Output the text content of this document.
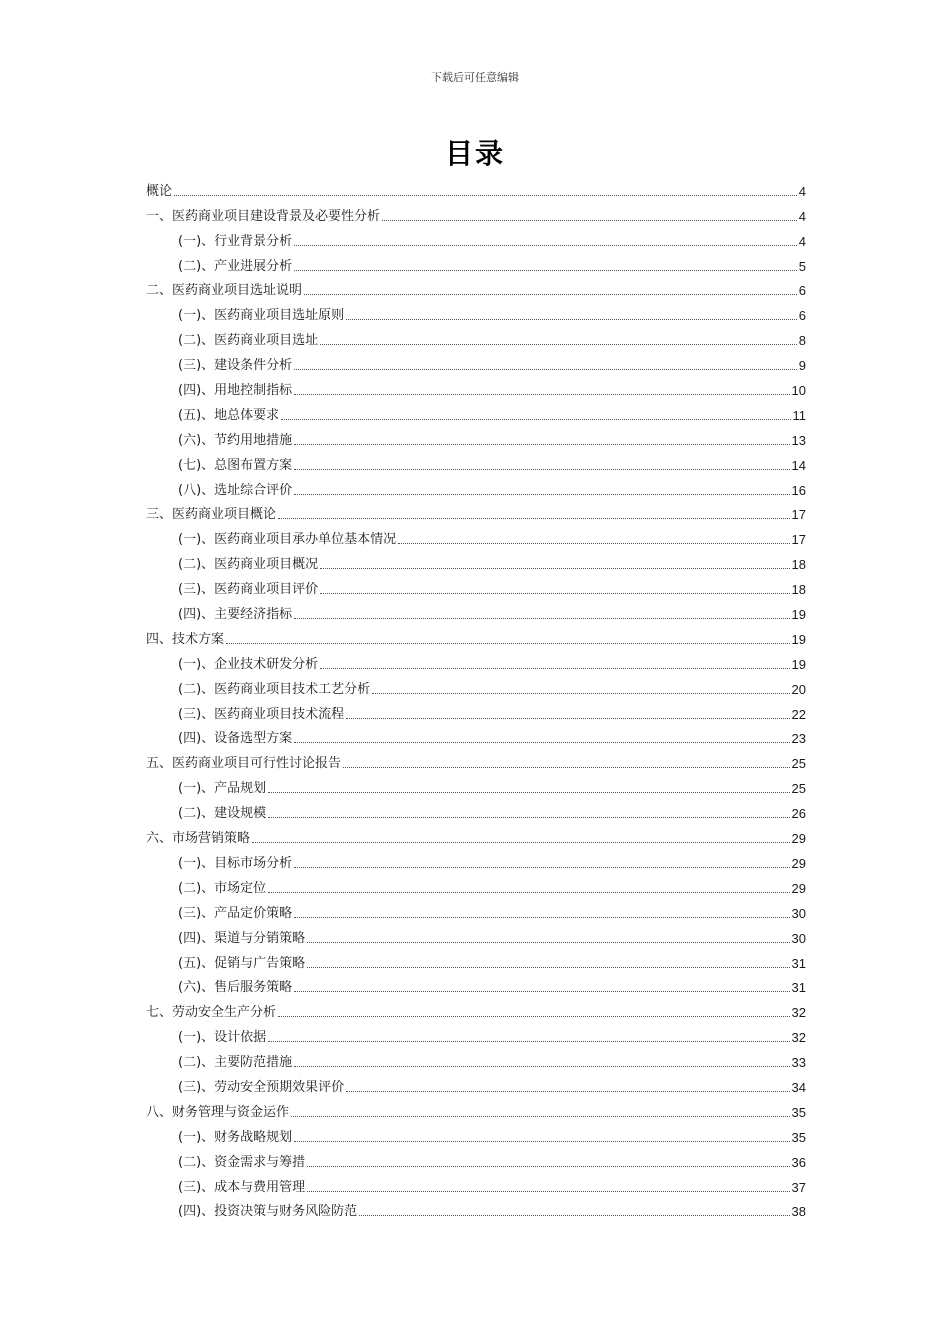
下载后可任意编辑
目录
概论	4
一、医药商业项目建设背景及必要性分析	4
(一)、行业背景分析	4
(二)、产业进展分析	5
二、医药商业项目选址说明	6
(一)、医药商业项目选址原则	6
(二)、医药商业项目选址	8
(三)、建设条件分析	9
(四)、用地控制指标	10
(五)、地总体要求	11
(六)、节约用地措施	13
(七)、总图布置方案	14
(八)、选址综合评价	16
三、医药商业项目概论	17
(一)、医药商业项目承办单位基本情况	17
(二)、医药商业项目概况	18
(三)、医药商业项目评价	18
(四)、主要经济指标	19
四、技术方案	19
(一)、企业技术研发分析	19
(二)、医药商业项目技术工艺分析	20
(三)、医药商业项目技术流程	22
(四)、设备选型方案	23
五、医药商业项目可行性讨论报告	25
(一)、产品规划	25
(二)、建设规模	26
六、市场营销策略	29
(一)、目标市场分析	29
(二)、市场定位	29
(三)、产品定价策略	30
(四)、渠道与分销策略	30
(五)、促销与广告策略	31
(六)、售后服务策略	31
七、劳动安全生产分析	32
(一)、设计依据	32
(二)、主要防范措施	33
(三)、劳动安全预期效果评价	34
八、财务管理与资金运作	35
(一)、财务战略规划	35
(二)、资金需求与筹措	36
(三)、成本与费用管理	37
(四)、投资决策与财务风险防范	38
